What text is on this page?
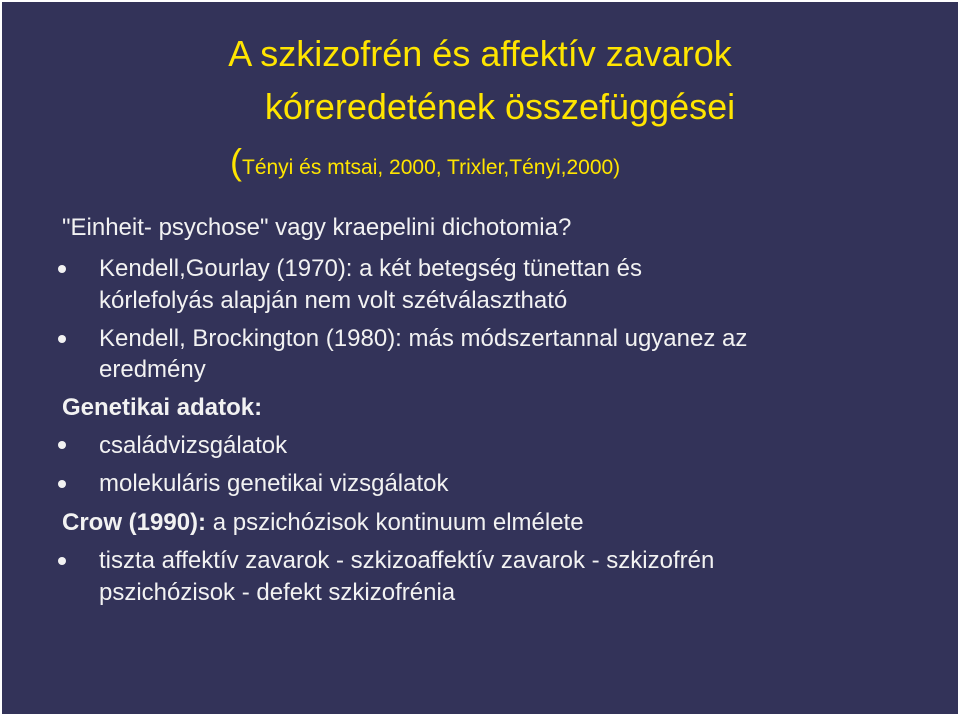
A szkizofrén és affektív zavarok
kóreredetének összefüggései
(Tényi és mtsai, 2000, Trixler,Tényi,2000)
"Einheit- psychose" vagy kraepelini dichotomia?
Kendell,Gourlay (1970): a két betegség tünettan és
kórlefolyás alapján nem volt szétválasztható
Kendell, Brockington (1980): más módszertannal ugyanez az
eredmény
Genetikai adatok:
családvizsgálatok
molekuláris genetikai vizsgálatok
Crow (1990): a pszichózisok kontinuum elmélete
tiszta affektív zavarok - szkizoaffektív zavarok - szkizofrén
pszichózisok - defekt szkizofrénia
